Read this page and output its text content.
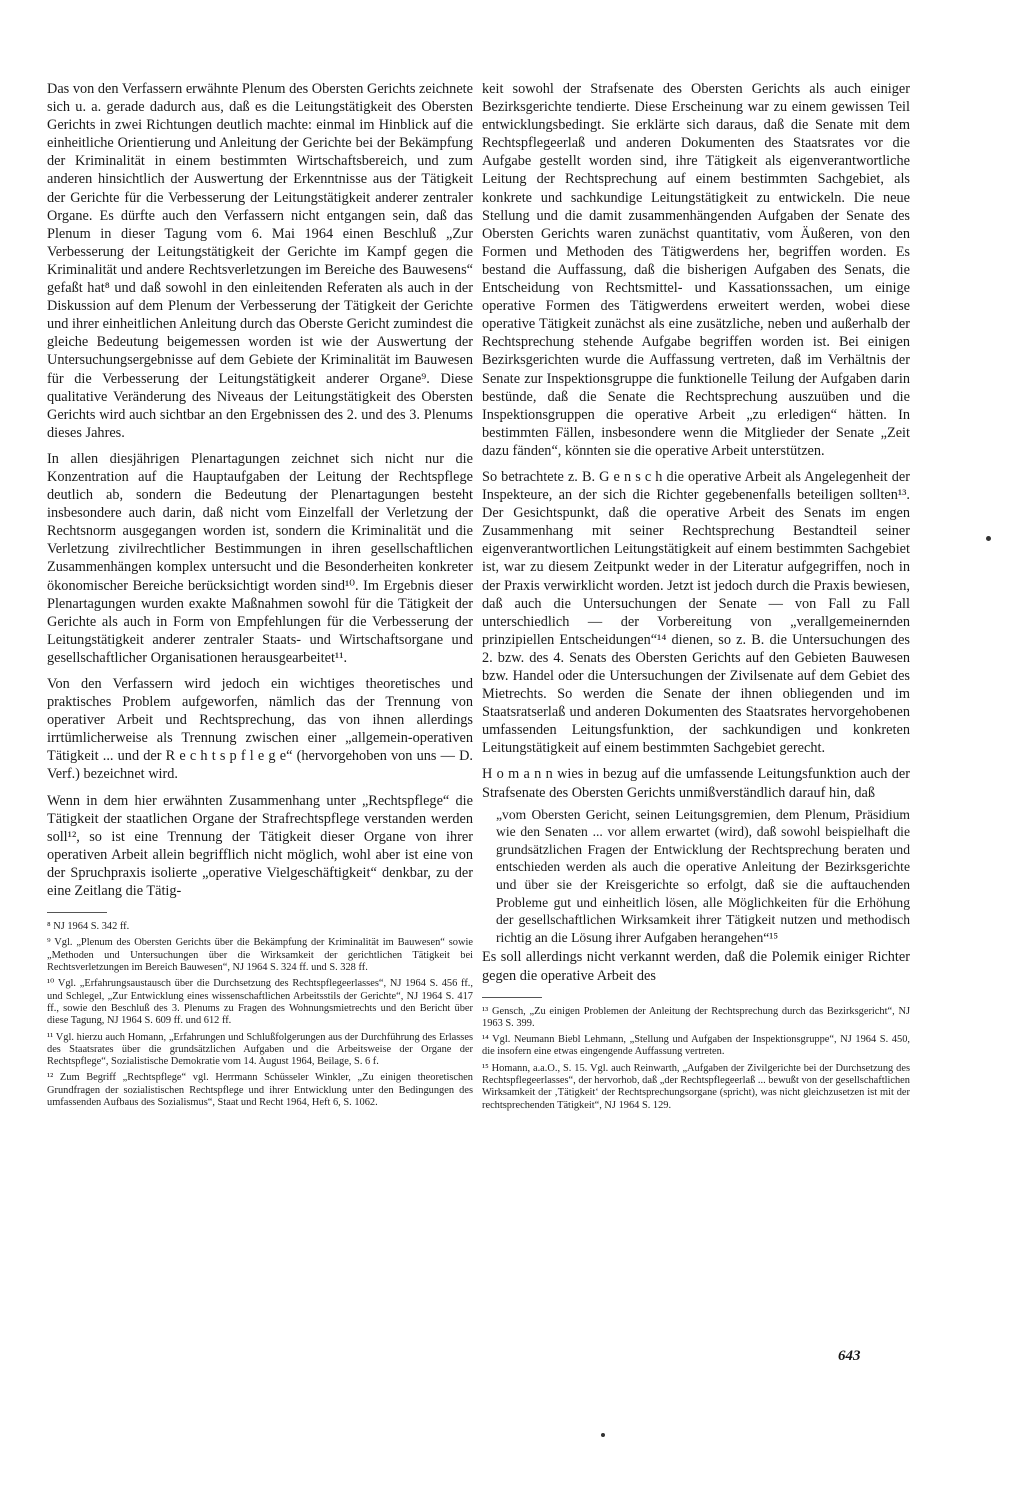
Das von den Verfassern erwähnte Plenum des Obersten Gerichts zeichnete sich u. a. gerade dadurch aus, daß es die Leitungstätigkeit des Obersten Gerichts in zwei Richtungen deutlich machte: einmal im Hinblick auf die einheitliche Orientierung und Anleitung der Gerichte bei der Bekämpfung der Kriminalität in einem bestimmten Wirtschaftsbereich, und zum anderen hinsichtlich der Auswertung der Erkenntnisse aus der Tätigkeit der Gerichte für die Verbesserung der Leitungstätigkeit anderer zentraler Organe. Es dürfte auch den Verfassern nicht entgangen sein, daß das Plenum in dieser Tagung vom 6. Mai 1964 einen Beschluß „Zur Verbesserung der Leitungstätigkeit der Gerichte im Kampf gegen die Kriminalität und andere Rechtsverletzungen im Bereiche des Bauwesens“ gefaßt hat⁸ und daß sowohl in den einleitenden Referaten als auch in der Diskussion auf dem Plenum der Verbesserung der Tätigkeit der Gerichte und ihrer einheitlichen Anleitung durch das Oberste Gericht zumindest die gleiche Bedeutung beigemessen worden ist wie der Auswertung der Untersuchungsergebnisse auf dem Gebiete der Kriminalität im Bauwesen für die Verbesserung der Leitungstätigkeit anderer Organe⁹. Diese qualitative Veränderung des Niveaus der Leitungstätigkeit des Obersten Gerichts wird auch sichtbar an den Ergebnissen des 2. und des 3. Plenums dieses Jahres.

In allen diesjährigen Plenartagungen zeichnet sich nicht nur die Konzentration auf die Hauptaufgaben der Leitung der Rechtspflege deutlich ab, sondern die Bedeutung der Plenartagungen besteht insbesondere auch darin, daß nicht vom Einzelfall der Verletzung der Rechtsnorm ausgegangen worden ist, sondern die Kriminalität und die Verletzung zivilrechtlicher Bestimmungen in ihren gesellschaftlichen Zusammenhängen komplex untersucht und die Besonderheiten konkreter ökonomischer Bereiche berücksichtigt worden sind¹⁰. Im Ergebnis dieser Plenartagungen wurden exakte Maßnahmen sowohl für die Tätigkeit der Gerichte als auch in Form von Empfehlungen für die Verbesserung der Leitungstätigkeit anderer zentraler Staats- und Wirtschaftsorgane und gesellschaftlicher Organisationen herausgearbeitet¹¹.

Von den Verfassern wird jedoch ein wichtiges theoretisches und praktisches Problem aufgeworfen, nämlich das der Trennung von operativer Arbeit und Rechtsprechung, das von ihnen allerdings irrtümlicherweise als Trennung zwischen einer „allgemein-operativen Tätigkeit ... und der R e c h t s p f l e g e“ (hervorgehoben von uns — D. Verf.) bezeichnet wird.

Wenn in dem hier erwähnten Zusammenhang unter „Rechtspflege“ die Tätigkeit der staatlichen Organe der Strafrechtspflege verstanden werden soll¹², so ist eine Trennung der Tätigkeit dieser Organe von ihrer operativen Arbeit allein begrifflich nicht möglich, wohl aber ist eine von der Spruchpraxis isolierte „operative Vielgeschäftigkeit“ denkbar, zu der eine Zeitlang die Tätig-

⁸ NJ 1964 S. 342 ff.

⁹ Vgl. „Plenum des Obersten Gerichts über die Bekämpfung der Kriminalität im Bauwesen“ sowie „Methoden und Untersuchungen über die Wirksamkeit der gerichtlichen Tätigkeit bei Rechtsverletzungen im Bereich Bauwesen“, NJ 1964 S. 324 ff. und S. 328 ff.

¹⁰ Vgl. „Erfahrungsaustausch über die Durchsetzung des Rechtspflegeerlasses“, NJ 1964 S. 456 ff., und Schlegel, „Zur Entwicklung eines wissenschaftlichen Arbeitsstils der Gerichte“, NJ 1964 S. 417 ff., sowie den Beschluß des 3. Plenums zu Fragen des Wohnungsmietrechts und den Bericht über diese Tagung, NJ 1964 S. 609 ff. und 612 ff.

¹¹ Vgl. hierzu auch Homann, „Erfahrungen und Schlußfolgerungen aus der Durchführung des Erlasses des Staatsrates über die grundsätzlichen Aufgaben und die Arbeitsweise der Organe der Rechtspflege“, Sozialistische Demokratie vom 14. August 1964, Beilage, S. 6 f.

¹² Zum Begriff „Rechtspflege“ vgl. Herrmann Schüsseler Winkler, „Zu einigen theoretischen Grundfragen der sozialistischen Rechtspflege und ihrer Entwicklung unter den Bedingungen des umfassenden Aufbaus des Sozialismus“, Staat und Recht 1964, Heft 6, S. 1062.

keit sowohl der Strafsenate des Obersten Gerichts als auch einiger Bezirksgerichte tendierte. Diese Erscheinung war zu einem gewissen Teil entwicklungsbedingt. Sie erklärte sich daraus, daß die Senate mit dem Rechtspflegeerlaß und anderen Dokumenten des Staatsrates vor die Aufgabe gestellt worden sind, ihre Tätigkeit als eigenverantwortliche Leitung der Rechtsprechung auf einem bestimmten Sachgebiet, als konkrete und sachkundige Leitungstätigkeit zu entwickeln. Die neue Stellung und die damit zusammenhängenden Aufgaben der Senate des Obersten Gerichts waren zunächst quantitativ, vom Äußeren, von den Formen und Methoden des Tätigwerdens her, begriffen worden. Es bestand die Auffassung, daß die bisherigen Aufgaben des Senats, die Entscheidung von Rechtsmittel- und Kassationssachen, um einige operative Formen des Tätigwerdens erweitert werden, wobei diese operative Tätigkeit zunächst als eine zusätzliche, neben und außerhalb der Rechtsprechung stehende Aufgabe begriffen worden ist. Bei einigen Bezirksgerichten wurde die Auffassung vertreten, daß im Verhältnis der Senate zur Inspektionsgruppe die funktionelle Teilung der Aufgaben darin bestünde, daß die Senate die Rechtsprechung auszuüben und die Inspektionsgruppen die operative Arbeit „zu erledigen“ hätten. In bestimmten Fällen, insbesondere wenn die Mitglieder der Senate „Zeit dazu fänden“, könnten sie die operative Arbeit unterstützen.

So betrachtete z. B. G e n s c h die operative Arbeit als Angelegenheit der Inspekteure, an der sich die Richter gegebenenfalls beteiligen sollten¹³. Der Gesichtspunkt, daß die operative Arbeit des Senats im engen Zusammenhang mit seiner Rechtsprechung Bestandteil seiner eigenverantwortlichen Leitungstätigkeit auf einem bestimmten Sachgebiet ist, war zu diesem Zeitpunkt weder in der Literatur aufgegriffen, noch in der Praxis verwirklicht worden. Jetzt ist jedoch durch die Praxis bewiesen, daß auch die Untersuchungen der Senate — von Fall zu Fall unterschiedlich — der Vorbereitung von „verallgemeinernden prinzipiellen Entscheidungen“¹⁴ dienen, so z. B. die Untersuchungen des 2. bzw. des 4. Senats des Obersten Gerichts auf den Gebieten Bauwesen bzw. Handel oder die Untersuchungen der Zivilsenate auf dem Gebiet des Mietrechts. So werden die Senate der ihnen obliegenden und im Staatsratserlaß und anderen Dokumenten des Staatsrates hervorgehobenen umfassenden Leitungsfunktion, der sachkundigen und konkreten Leitungstätigkeit auf einem bestimmten Sachgebiet gerecht.

H o m a n n wies in bezug auf die umfassende Leitungsfunktion auch der Strafsenate des Obersten Gerichts unmißverständlich darauf hin, daß

„vom Obersten Gericht, seinen Leitungsgremien, dem Plenum, Präsidium wie den Senaten ... vor allem erwartet (wird), daß sowohl beispielhaft die grundsätzlichen Fragen der Entwicklung der Rechtsprechung beraten und entschieden werden als auch die operative Anleitung der Bezirksgerichte und über sie der Kreisgerichte so erfolgt, daß sie die auftauchenden Probleme gut und einheitlich lösen, alle Möglichkeiten für die Erhöhung der gesellschaftlichen Wirksamkeit ihrer Tätigkeit nutzen und methodisch richtig an die Lösung ihrer Aufgaben herangehen“¹⁵

Es soll allerdings nicht verkannt werden, daß die Polemik einiger Richter gegen die operative Arbeit des

¹³ Gensch, „Zu einigen Problemen der Anleitung der Rechtsprechung durch das Bezirksgericht“, NJ 1963 S. 399.

¹⁴ Vgl. Neumann Biebl Lehmann, „Stellung und Aufgaben der Inspektionsgruppe“, NJ 1964 S. 450, die insofern eine etwas eingengende Auffassung vertreten.

¹⁵ Homann, a.a.O., S. 15. Vgl. auch Reinwarth, „Aufgaben der Zivilgerichte bei der Durchsetzung des Rechtspflegeerlasses“, der hervorhob, daß „der Rechtspflegeerlaß ... bewußt von der gesellschaftlichen Wirksamkeit der ‚Tätigkeit‘ der Rechtsprechungsorgane (spricht), was nicht gleichzusetzen ist mit der rechtsprechenden Tätigkeit“, NJ 1964 S. 129.

643
